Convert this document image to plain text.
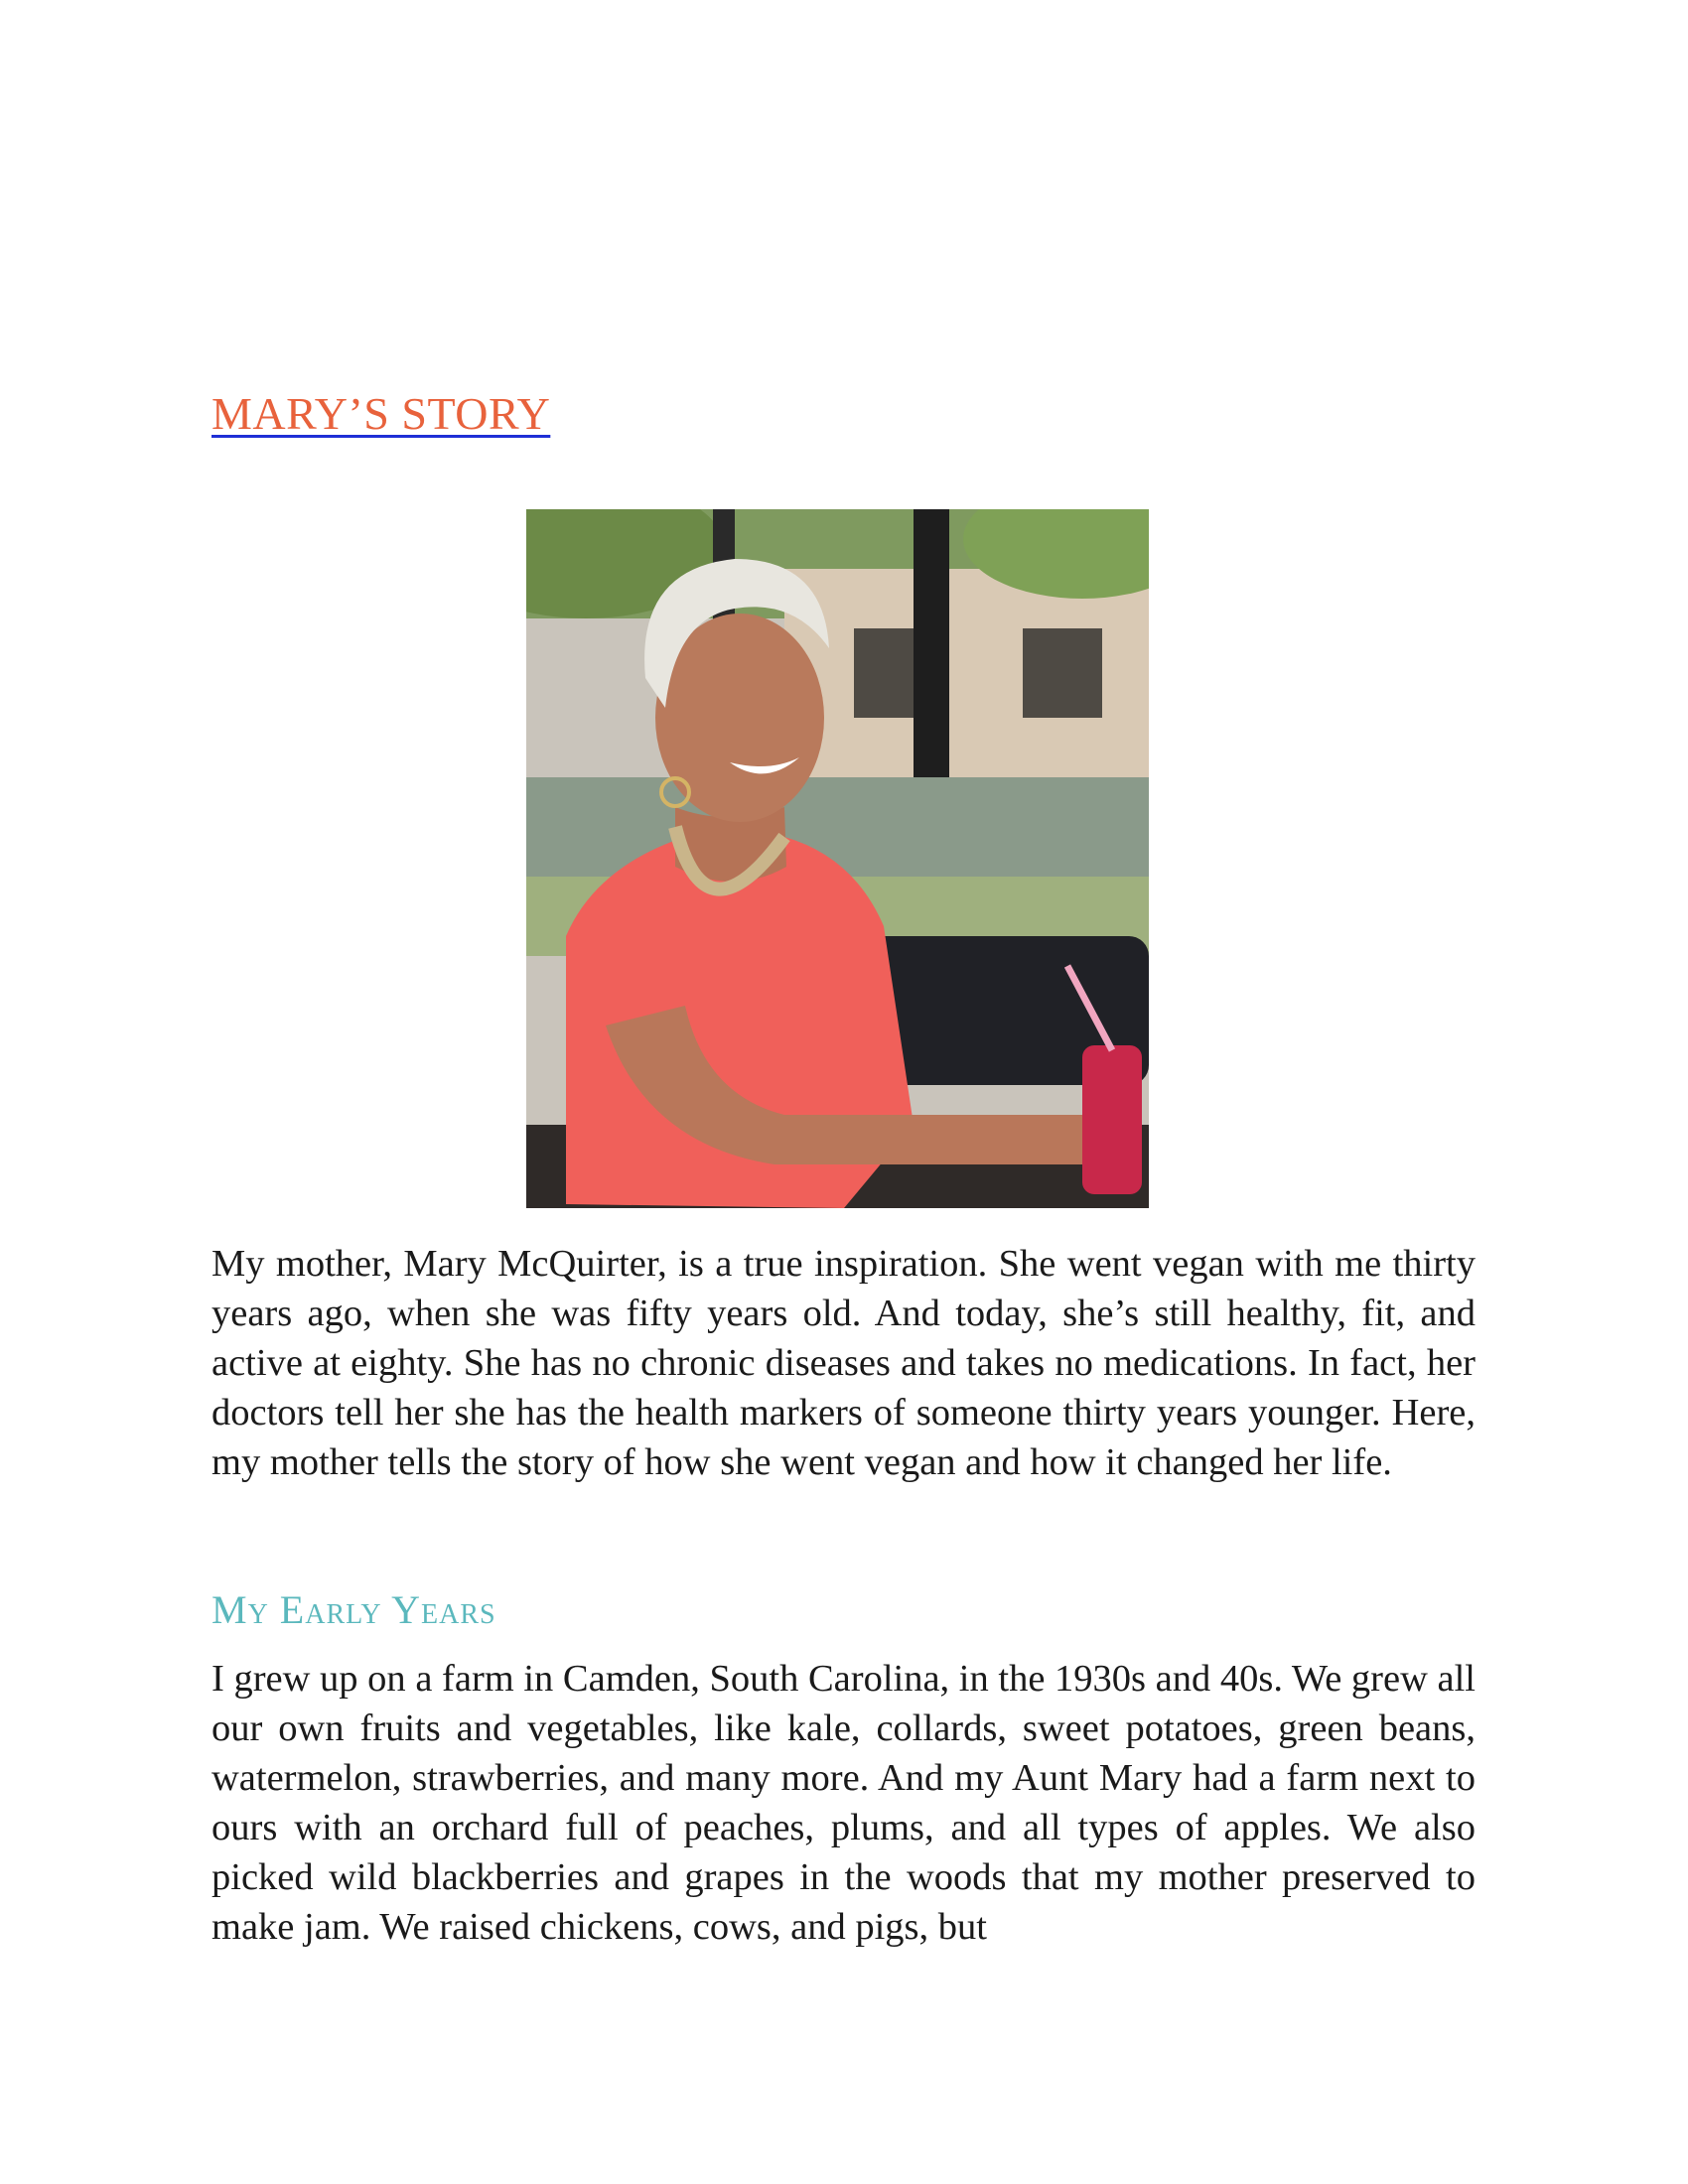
MARY’S STORY

My mother, Mary McQuirter, is a true inspiration. She went vegan with me thirty years ago, when she was fifty years old. And today, she’s still healthy, fit, and active at eighty. She has no chronic diseases and takes no medications. In fact, her doctors tell her she has the health markers of someone thirty years younger. Here, my mother tells the story of how she went vegan and how it changed her life.

My Early Years

I grew up on a farm in Camden, South Carolina, in the 1930s and 40s. We grew all our own fruits and vegetables, like kale, collards, sweet potatoes, green beans, watermelon, strawberries, and many more. And my Aunt Mary had a farm next to ours with an orchard full of peaches, plums, and all types of apples. We also picked wild blackberries and grapes in the woods that my mother preserved to make jam. We raised chickens, cows, and pigs, but
